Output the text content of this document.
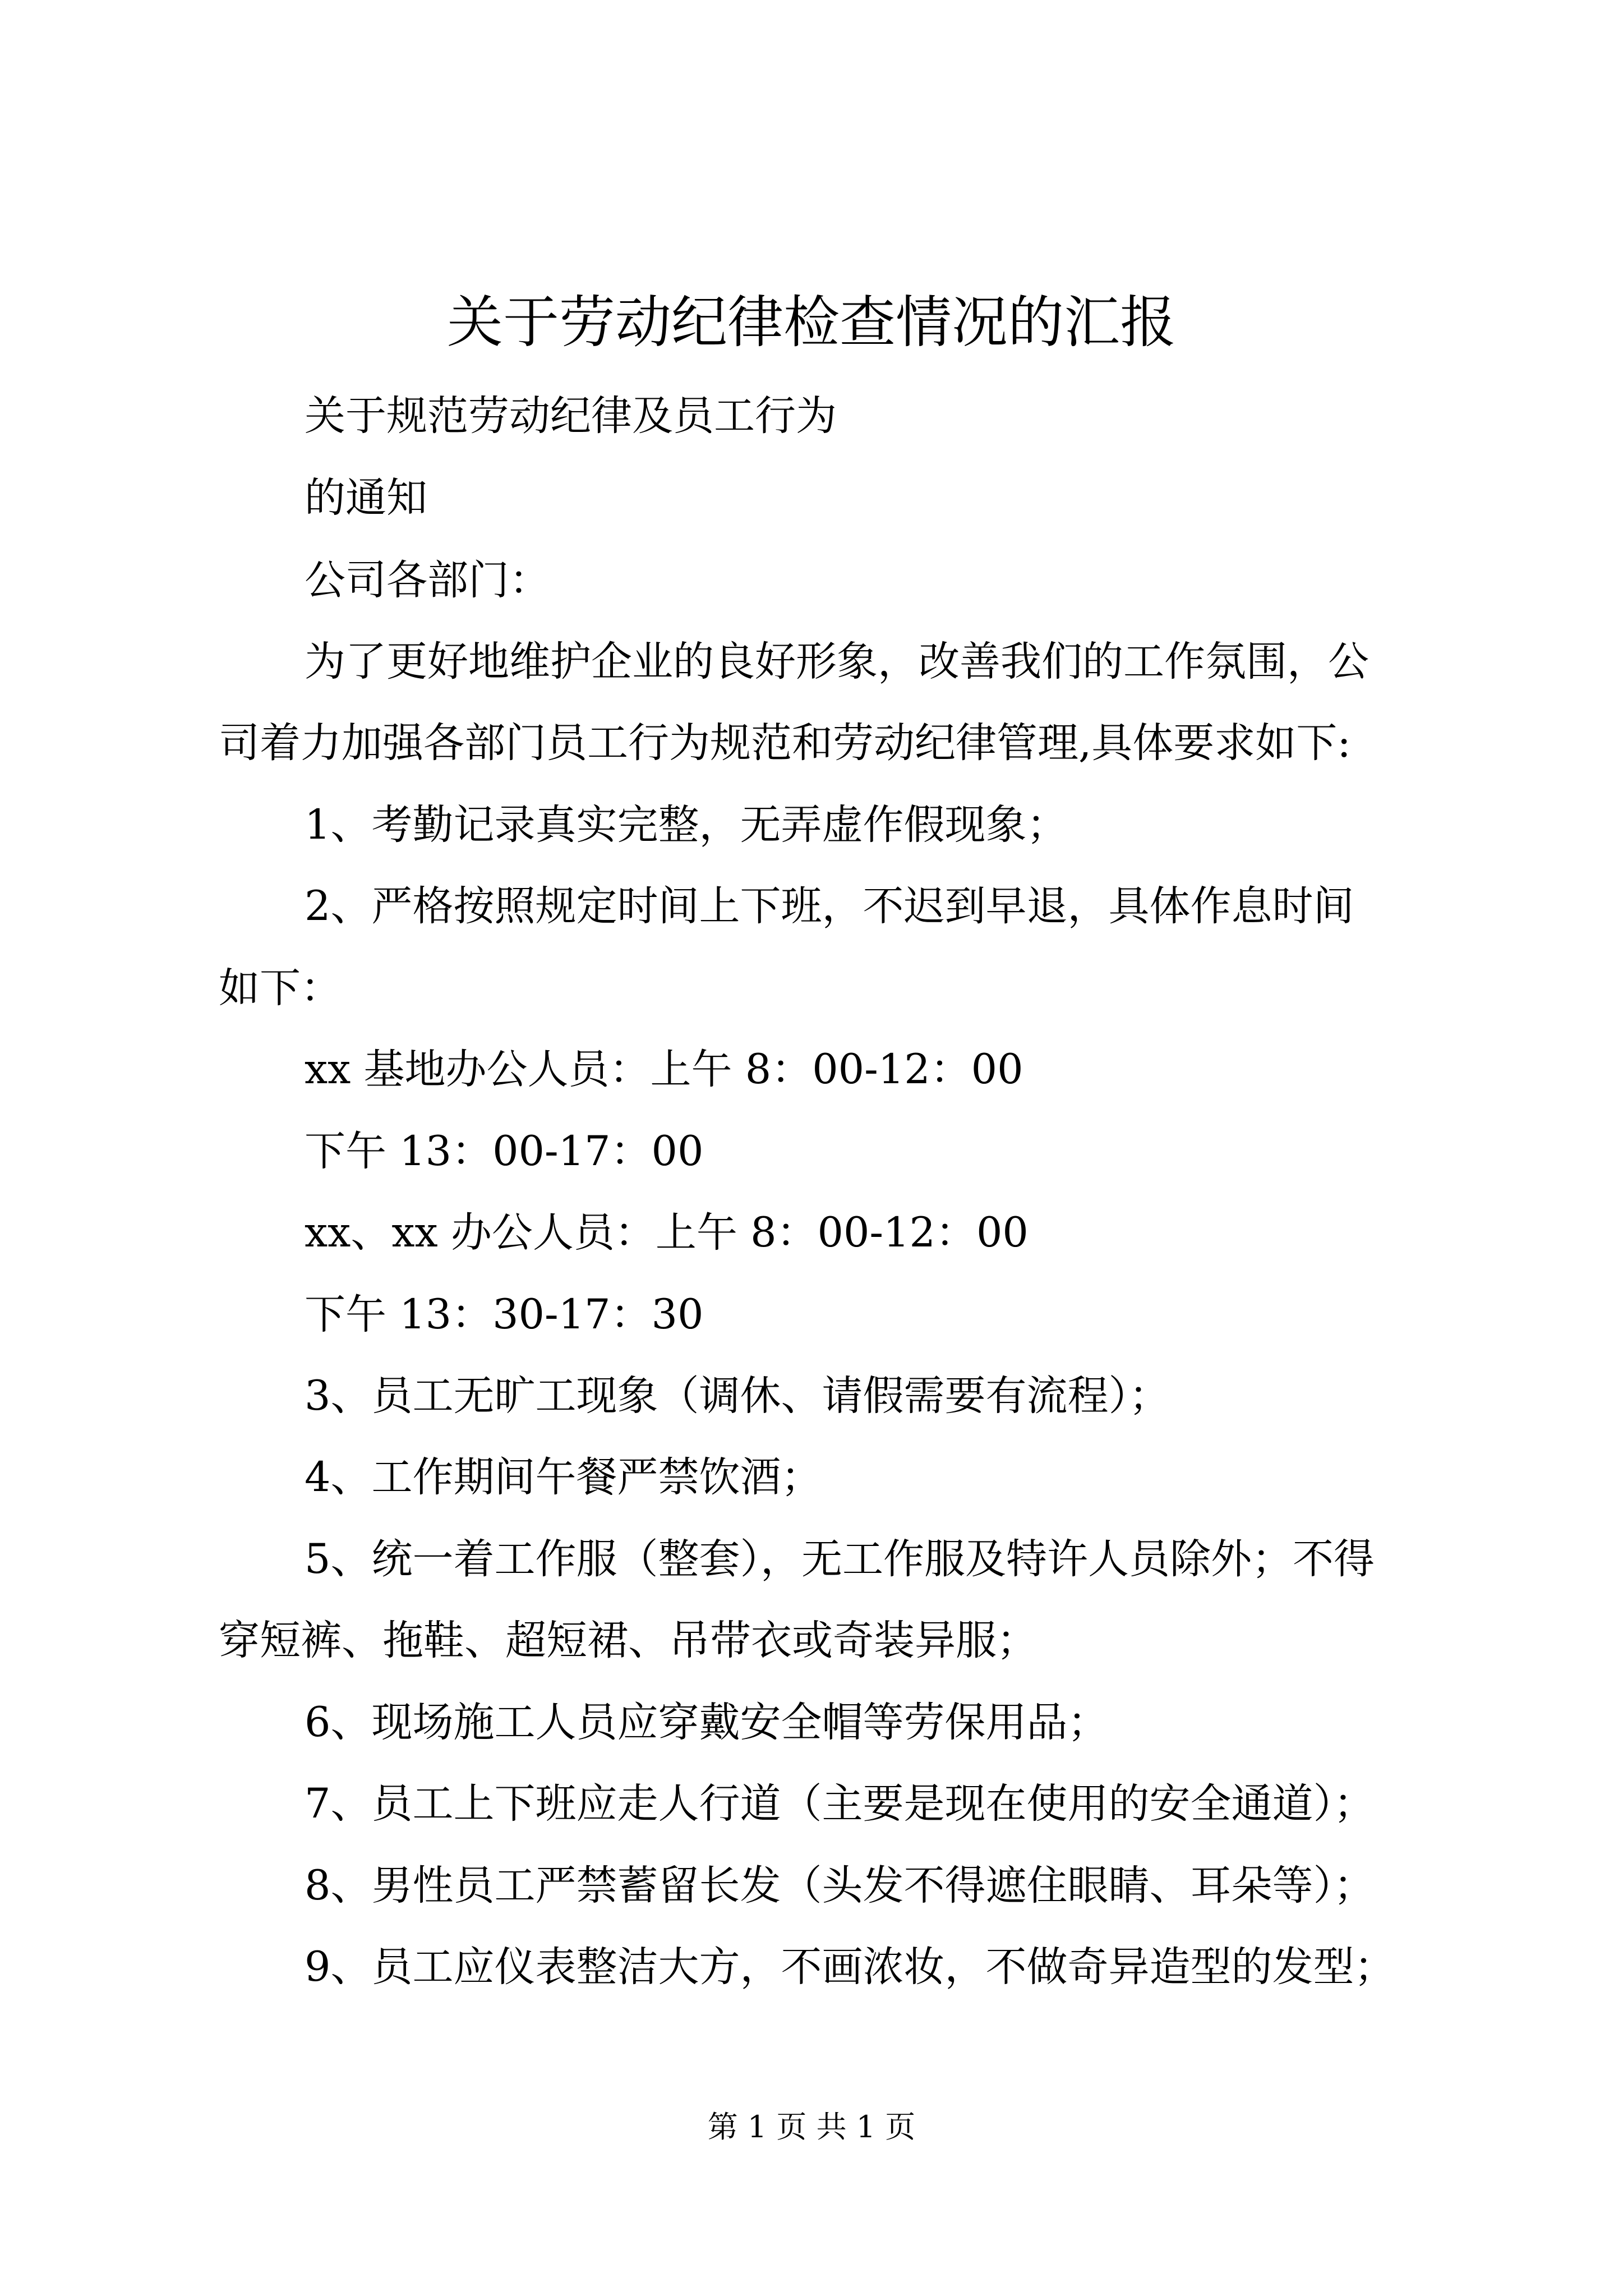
关于劳动纪律检查情况的汇报
关于规范劳动纪律及员工行为
的通知
公司各部门：
为了更好地维护企业的良好形象，改善我们的工作氛围，公
司着力加强各部门员工行为规范和劳动纪律管理,具体要求如下:
1、考勤记录真实完整，无弄虚作假现象；
2、严格按照规定时间上下班，不迟到早退，具体作息时间
如下：
xx 基地办公人员：上午 8：00-12：00
下午 13：00-17：00
xx、xx 办公人员：上午 8：00-12：00
下午 13：30-17：30
3、员工无旷工现象（调休、请假需要有流程）；
4、工作期间午餐严禁饮酒；
5、统一着工作服（整套），无工作服及特许人员除外；不得
穿短裤、拖鞋、超短裙、吊带衣或奇装异服；
6、现场施工人员应穿戴安全帽等劳保用品；
7、员工上下班应走人行道（主要是现在使用的安全通道）；
8、男性员工严禁蓄留长发（头发不得遮住眼睛、耳朵等）；
9、员工应仪表整洁大方，不画浓妆，不做奇异造型的发型；
第 1 页 共 1 页
